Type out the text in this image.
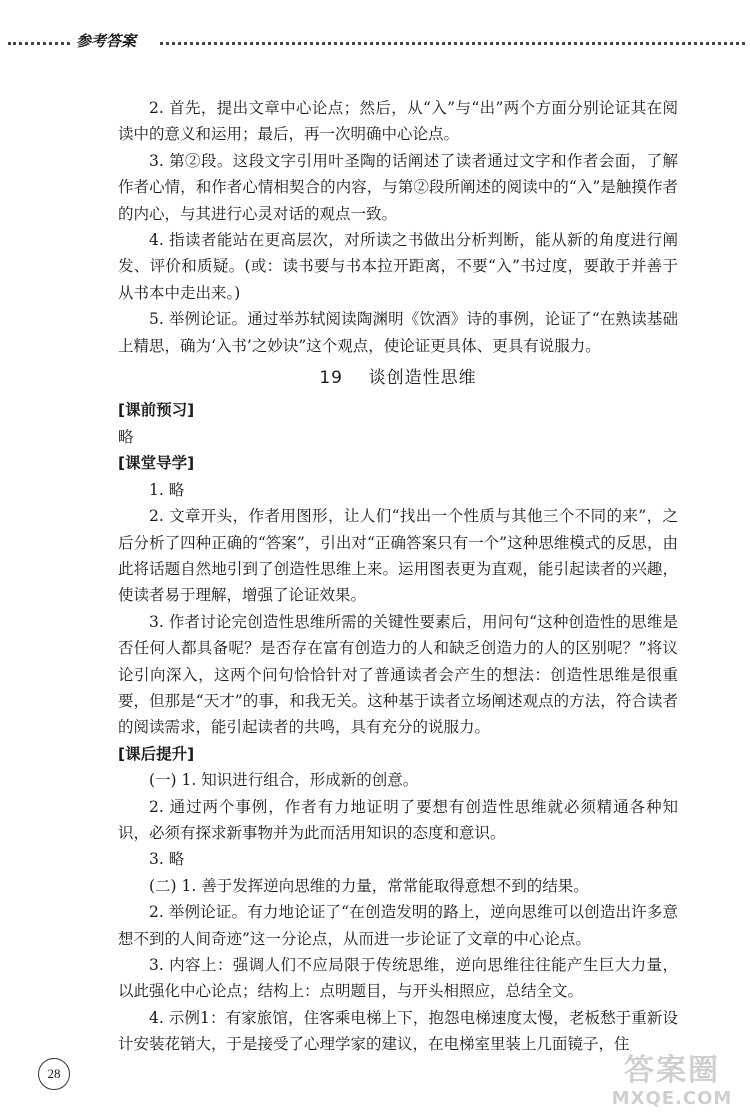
参考答案

2. 首先，提出文章中心论点；然后，从“入”与“出”两个方面分别论证其在阅读中的意义和运用；最后，再一次明确中心论点。

3. 第②段。这段文字引用叶圣陶的话阐述了读者通过文字和作者会面，了解作者心情，和作者心情相契合的内容，与第②段所阐述的阅读中的“入”是触摸作者的内心，与其进行心灵对话的观点一致。

4. 指读者能站在更高层次，对所读之书做出分析判断，能从新的角度进行阐发、评价和质疑。(或：读书要与书本拉开距离，不要“入”书过度，要敢于并善于从书本中走出来。)

5. 举例论证。通过举苏轼阅读陶渊明《饮酒》诗的事例，论证了“在熟读基础上精思，确为‘入书’之妙诀”这个观点，使论证更具体、更具有说服力。

19 谈创造性思维

[课前预习]

略

[课堂导学]

1. 略

2. 文章开头，作者用图形，让人们“找出一个性质与其他三个不同的来”，之后分析了四种正确的“答案”，引出对“正确答案只有一个”这种思维模式的反思，由此将话题自然地引到了创造性思维上来。运用图表更为直观，能引起读者的兴趣，使读者易于理解，增强了论证效果。

3. 作者讨论完创造性思维所需的关键性要素后，用问句“这种创造性的思维是否任何人都具备呢？是否存在富有创造力的人和缺乏创造力的人的区别呢？”将议论引向深入，这两个问句恰恰针对了普通读者会产生的想法：创造性思维是很重要，但那是“天才”的事，和我无关。这种基于读者立场阐述观点的方法，符合读者的阅读需求，能引起读者的共鸣，具有充分的说服力。

[课后提升]

(一) 1. 知识进行组合，形成新的创意。

2. 通过两个事例，作者有力地证明了要想有创造性思维就必须精通各种知识，必须有探求新事物并为此而活用知识的态度和意识。

3. 略

(二) 1. 善于发挥逆向思维的力量，常常能取得意想不到的结果。

2. 举例论证。有力地论证了“在创造发明的路上，逆向思维可以创造出许多意想不到的人间奇迹”这一分论点，从而进一步论证了文章的中心论点。

3. 内容上：强调人们不应局限于传统思维，逆向思维往往能产生巨大力量，以此强化中心论点；结构上：点明题目，与开头相照应，总结全文。

4. 示例1：有家旅馆，住客乘电梯上下，抱怨电梯速度太慢，老板愁于重新设计安装花销大，于是接受了心理学家的建议，在电梯室里装上几面镜子，住

28	答案圈
MXQE.COM
